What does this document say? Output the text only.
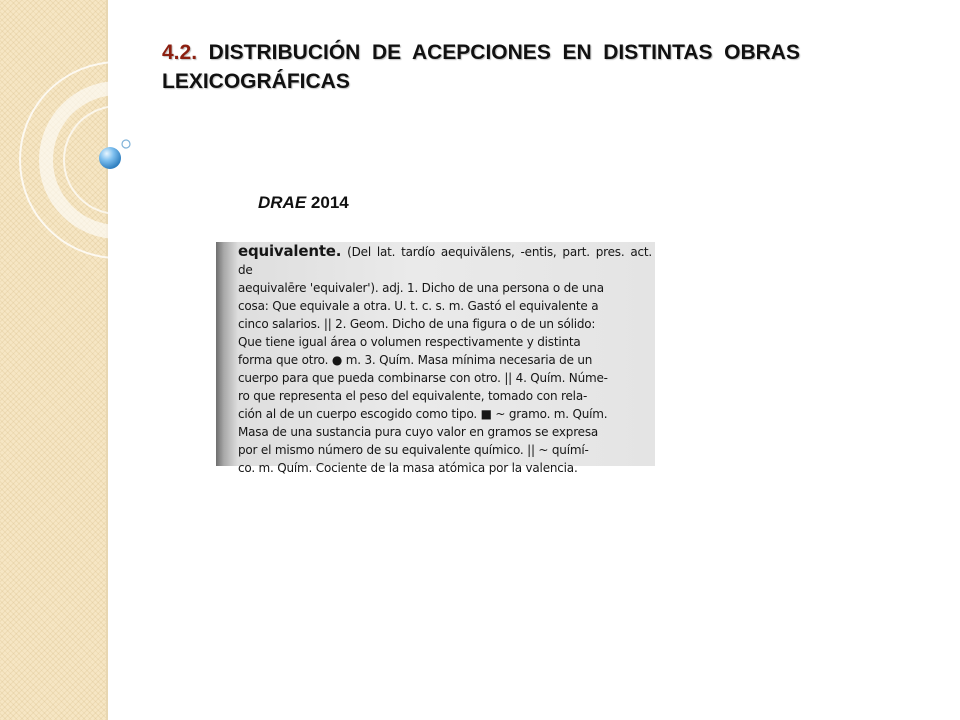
4.2. DISTRIBUCIÓN DE ACEPCIONES EN DISTINTAS OBRAS LEXICOGRÁFICAS

DRAE 2014

equivalente. (Del lat. tardío aequivălens, -entis, part. pres. act. de
aequivalēre 'equivaler'). adj. 1. Dicho de una persona o de una
cosa: Que equivale a otra. U. t. c. s. m. Gastó el equivalente a
cinco salarios. || 2. Geom. Dicho de una figura o de un sólido:
Que tiene igual área o volumen respectivamente y distinta
forma que otro. ● m. 3. Quím. Masa mínima necesaria de un
cuerpo para que pueda combinarse con otro. || 4. Quím. Núme-
ro que representa el peso del equivalente, tomado con rela-
ción al de un cuerpo escogido como tipo. ■ ~ gramo. m. Quím.
Masa de una sustancia pura cuyo valor en gramos se expresa
por el mismo número de su equivalente químico. || ~ químí-
co. m. Quím. Cociente de la masa atómica por la valencia.
